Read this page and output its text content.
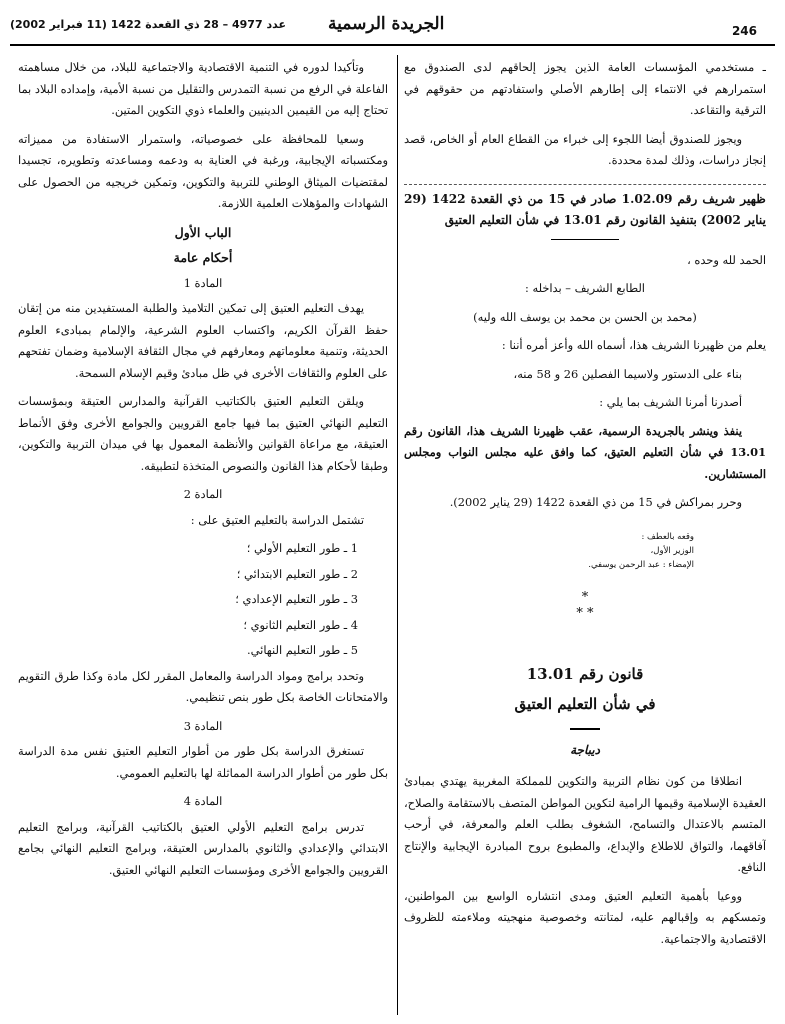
246
الجريدة الرسمية
عدد 4977 – 28 ذي القعدة 1422 (11 فبراير 2002)

ـ مستخدمي المؤسسات العامة الذين يجوز إلحاقهم لدى الصندوق مع استمرارهم في الانتماء إلى إطارهم الأصلي واستفادتهم من حقوقهم في الترقية والتقاعد.

ويجوز للصندوق أيضا اللجوء إلى خبراء من القطاع العام أو الخاص، قصد إنجاز دراسات، وذلك لمدة محددة.

ظهير شريف رقم 1.02.09 صادر في 15 من ذي القعدة 1422 (29 يناير 2002) بتنفيذ القانون رقم 13.01 في شأن التعليم العتيق

الحمد لله وحده ،

الطابع الشريف – بداخله :

(محمد بن الحسن بن محمد بن يوسف الله وليه)

يعلم من ظهيرنا الشريف هذا، أسماه الله وأعز أمره أننا :

بناء على الدستور ولاسيما الفصلين 26 و 58 منه،

أصدرنا أمرنا الشريف بما يلي :

ينفذ وينشر بالجريدة الرسمية، عقب ظهيرنا الشريف هذا، القانون رقم 13.01 في شأن التعليم العتيق، كما وافق عليه مجلس النواب ومجلس المستشارين.

وحرر بمراكش في 15 من ذي القعدة 1422 (29 يناير 2002).

وقعه بالعطف :
الوزير الأول،
الإمضاء : عبد الرحمن يوسفي.
*
* *
قانون رقم 13.01
في شأن التعليم العتيق
ديباجة

انطلاقا من كون نظام التربية والتكوين للمملكة المغربية يهتدي بمبادئ العقيدة الإسلامية وقيمها الرامية لتكوين المواطن المتصف بالاستقامة والصلاح، المتسم بالاعتدال والتسامح، الشغوف بطلب العلم والمعرفة، في أرحب آفاقهما، والتواق للاطلاع والإبداع، والمطبوع بروح المبادرة الإيجابية والإنتاج النافع.

ووعيا بأهمية التعليم العتيق ومدى انتشاره الواسع بين المواطنين، وتمسكهم به وإقبالهم عليه، لمتانته وخصوصية منهجيته وملاءمته للظروف الاقتصادية والاجتماعية.

وتأكيدا لدوره في التنمية الاقتصادية والاجتماعية للبلاد، من خلال مساهمته الفاعلة في الرفع من نسبة التمدرس والتقليل من نسبة الأمية، وإمداده البلاد بما تحتاج إليه من القيمين الدينيين والعلماء ذوي التكوين المتين.

وسعيا للمحافظة على خصوصياته، واستمرار الاستفادة من مميزاته ومكتسباته الإيجابية، ورغبة في العناية به ودعمه ومساعدته وتطويره، تجسيدا لمقتضيات الميثاق الوطني للتربية والتكوين، وتمكين خريجيه من الحصول على الشهادات والمؤهلات العلمية اللازمة.

الباب الأول
أحكام عامة
المادة 1

يهدف التعليم العتيق إلى تمكين التلاميذ والطلبة المستفيدين منه من إتقان حفظ القرآن الكريم، واكتساب العلوم الشرعية، والإلمام بمبادىء العلوم الحديثة، وتنمية معلوماتهم ومعارفهم في مجال الثقافة الإسلامية وضمان تفتحهم على العلوم والثقافات الأخرى في ظل مبادئ وقيم الإسلام السمحة.

ويلقن التعليم العتيق بالكتاتيب القرآنية والمدارس العتيقة وبمؤسسات التعليم النهائي العتيق بما فيها جامع القرويين والجوامع الأخرى وفق الأنماط العتيقة، مع مراعاة القوانين والأنظمة المعمول بها في ميدان التربية والتكوين، وطبقا لأحكام هذا القانون والنصوص المتخذة لتطبيقه.

المادة 2

تشتمل الدراسة بالتعليم العتيق على :

1 ـ طور التعليم الأولي ؛
2 ـ طور التعليم الابتدائي ؛
3 ـ طور التعليم الإعدادي ؛
4 ـ طور التعليم الثانوي ؛
5 ـ طور التعليم النهائي.

وتحدد برامج ومواد الدراسة والمعامل المقرر لكل مادة وكذا طرق التقويم والامتحانات الخاصة بكل طور بنص تنظيمي.

المادة 3

تستغرق الدراسة بكل طور من أطوار التعليم العتيق نفس مدة الدراسة بكل طور من أطوار الدراسة المماثلة لها بالتعليم العمومي.

المادة 4

تدرس برامج التعليم الأولي العتيق بالكتاتيب القرآنية، وبرامج التعليم الابتدائي والإعدادي والثانوي بالمدارس العتيقة، وبرامج التعليم النهائي بجامع القرويين والجوامع الأخرى ومؤسسات التعليم النهائي العتيق.
